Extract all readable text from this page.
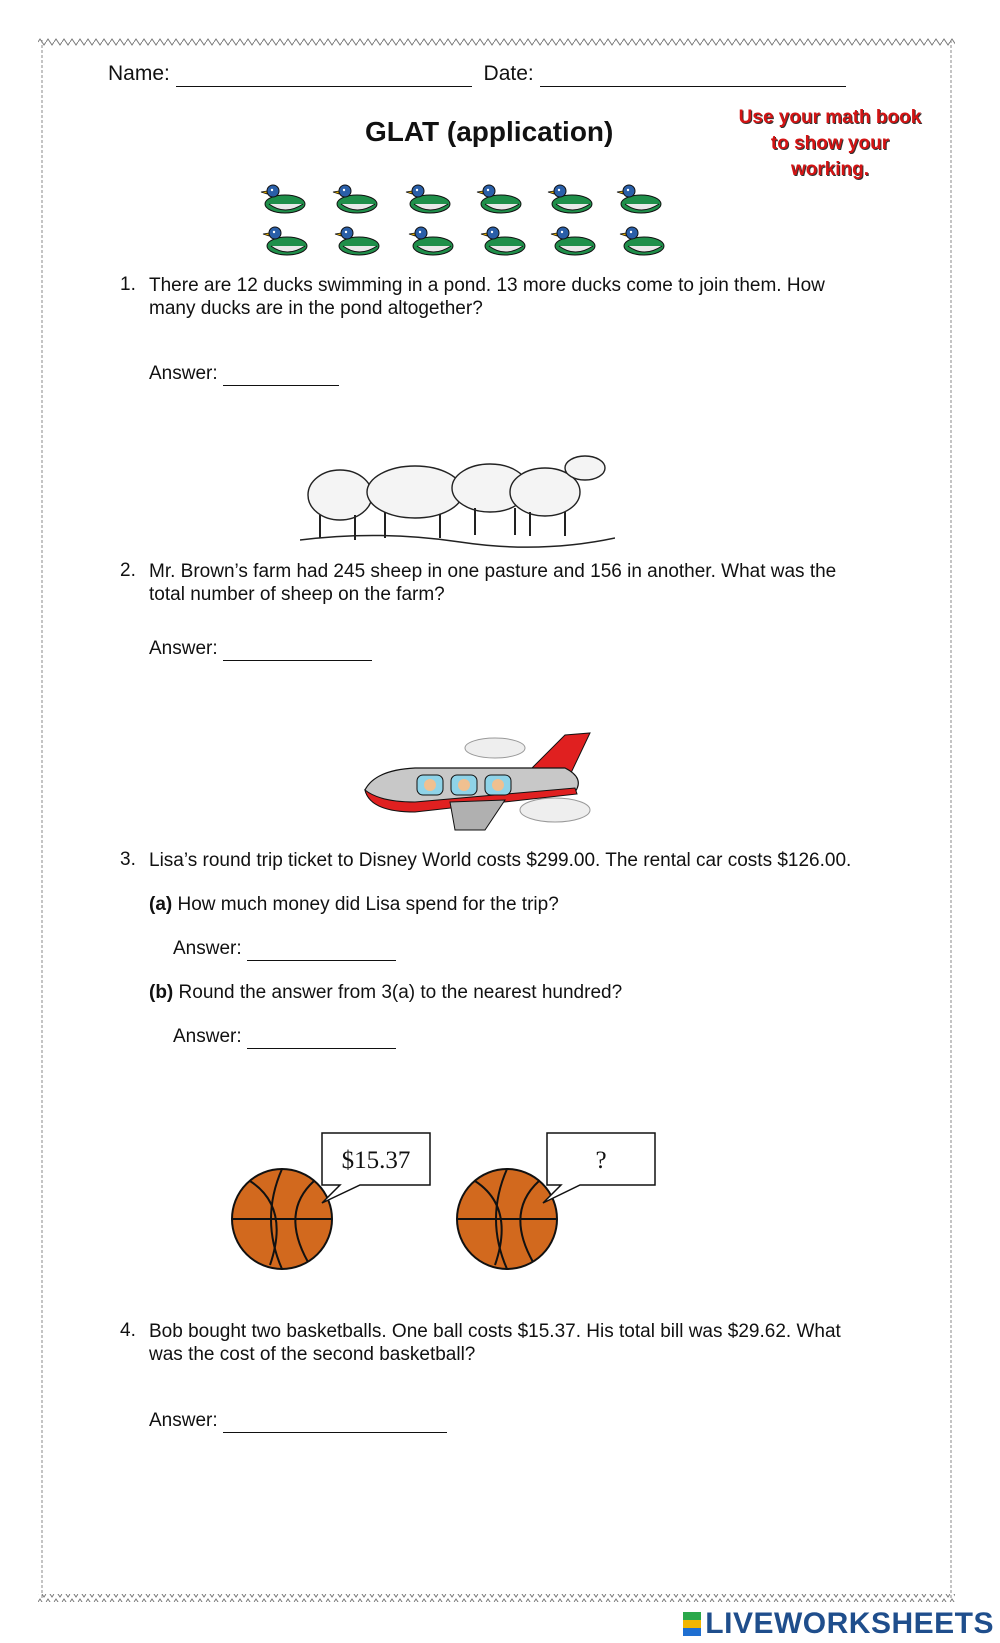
Name:	Date:
GLAT (application)	Use your math book to show your working.
1. There are 12 ducks swimming in a pond. 13 more ducks come to join them. How
many ducks are in the pond altogether?
Answer:
2. Mr. Brown’s farm had 245 sheep in one pasture and 156 in another. What was the
total number of sheep on the farm?
Answer:
3. Lisa’s round trip ticket to Disney World costs $299.00. The rental car costs $126.00.
(a) How much money did Lisa spend for the trip?
Answer:
(b) Round the answer from 3(a) to the nearest hundred?
Answer:
$15.37	?
4. Bob bought two basketballs. One ball costs $15.37. His total bill was $29.62. What
was the cost of the second basketball?
Answer:
LIVEWORKSHEETS
